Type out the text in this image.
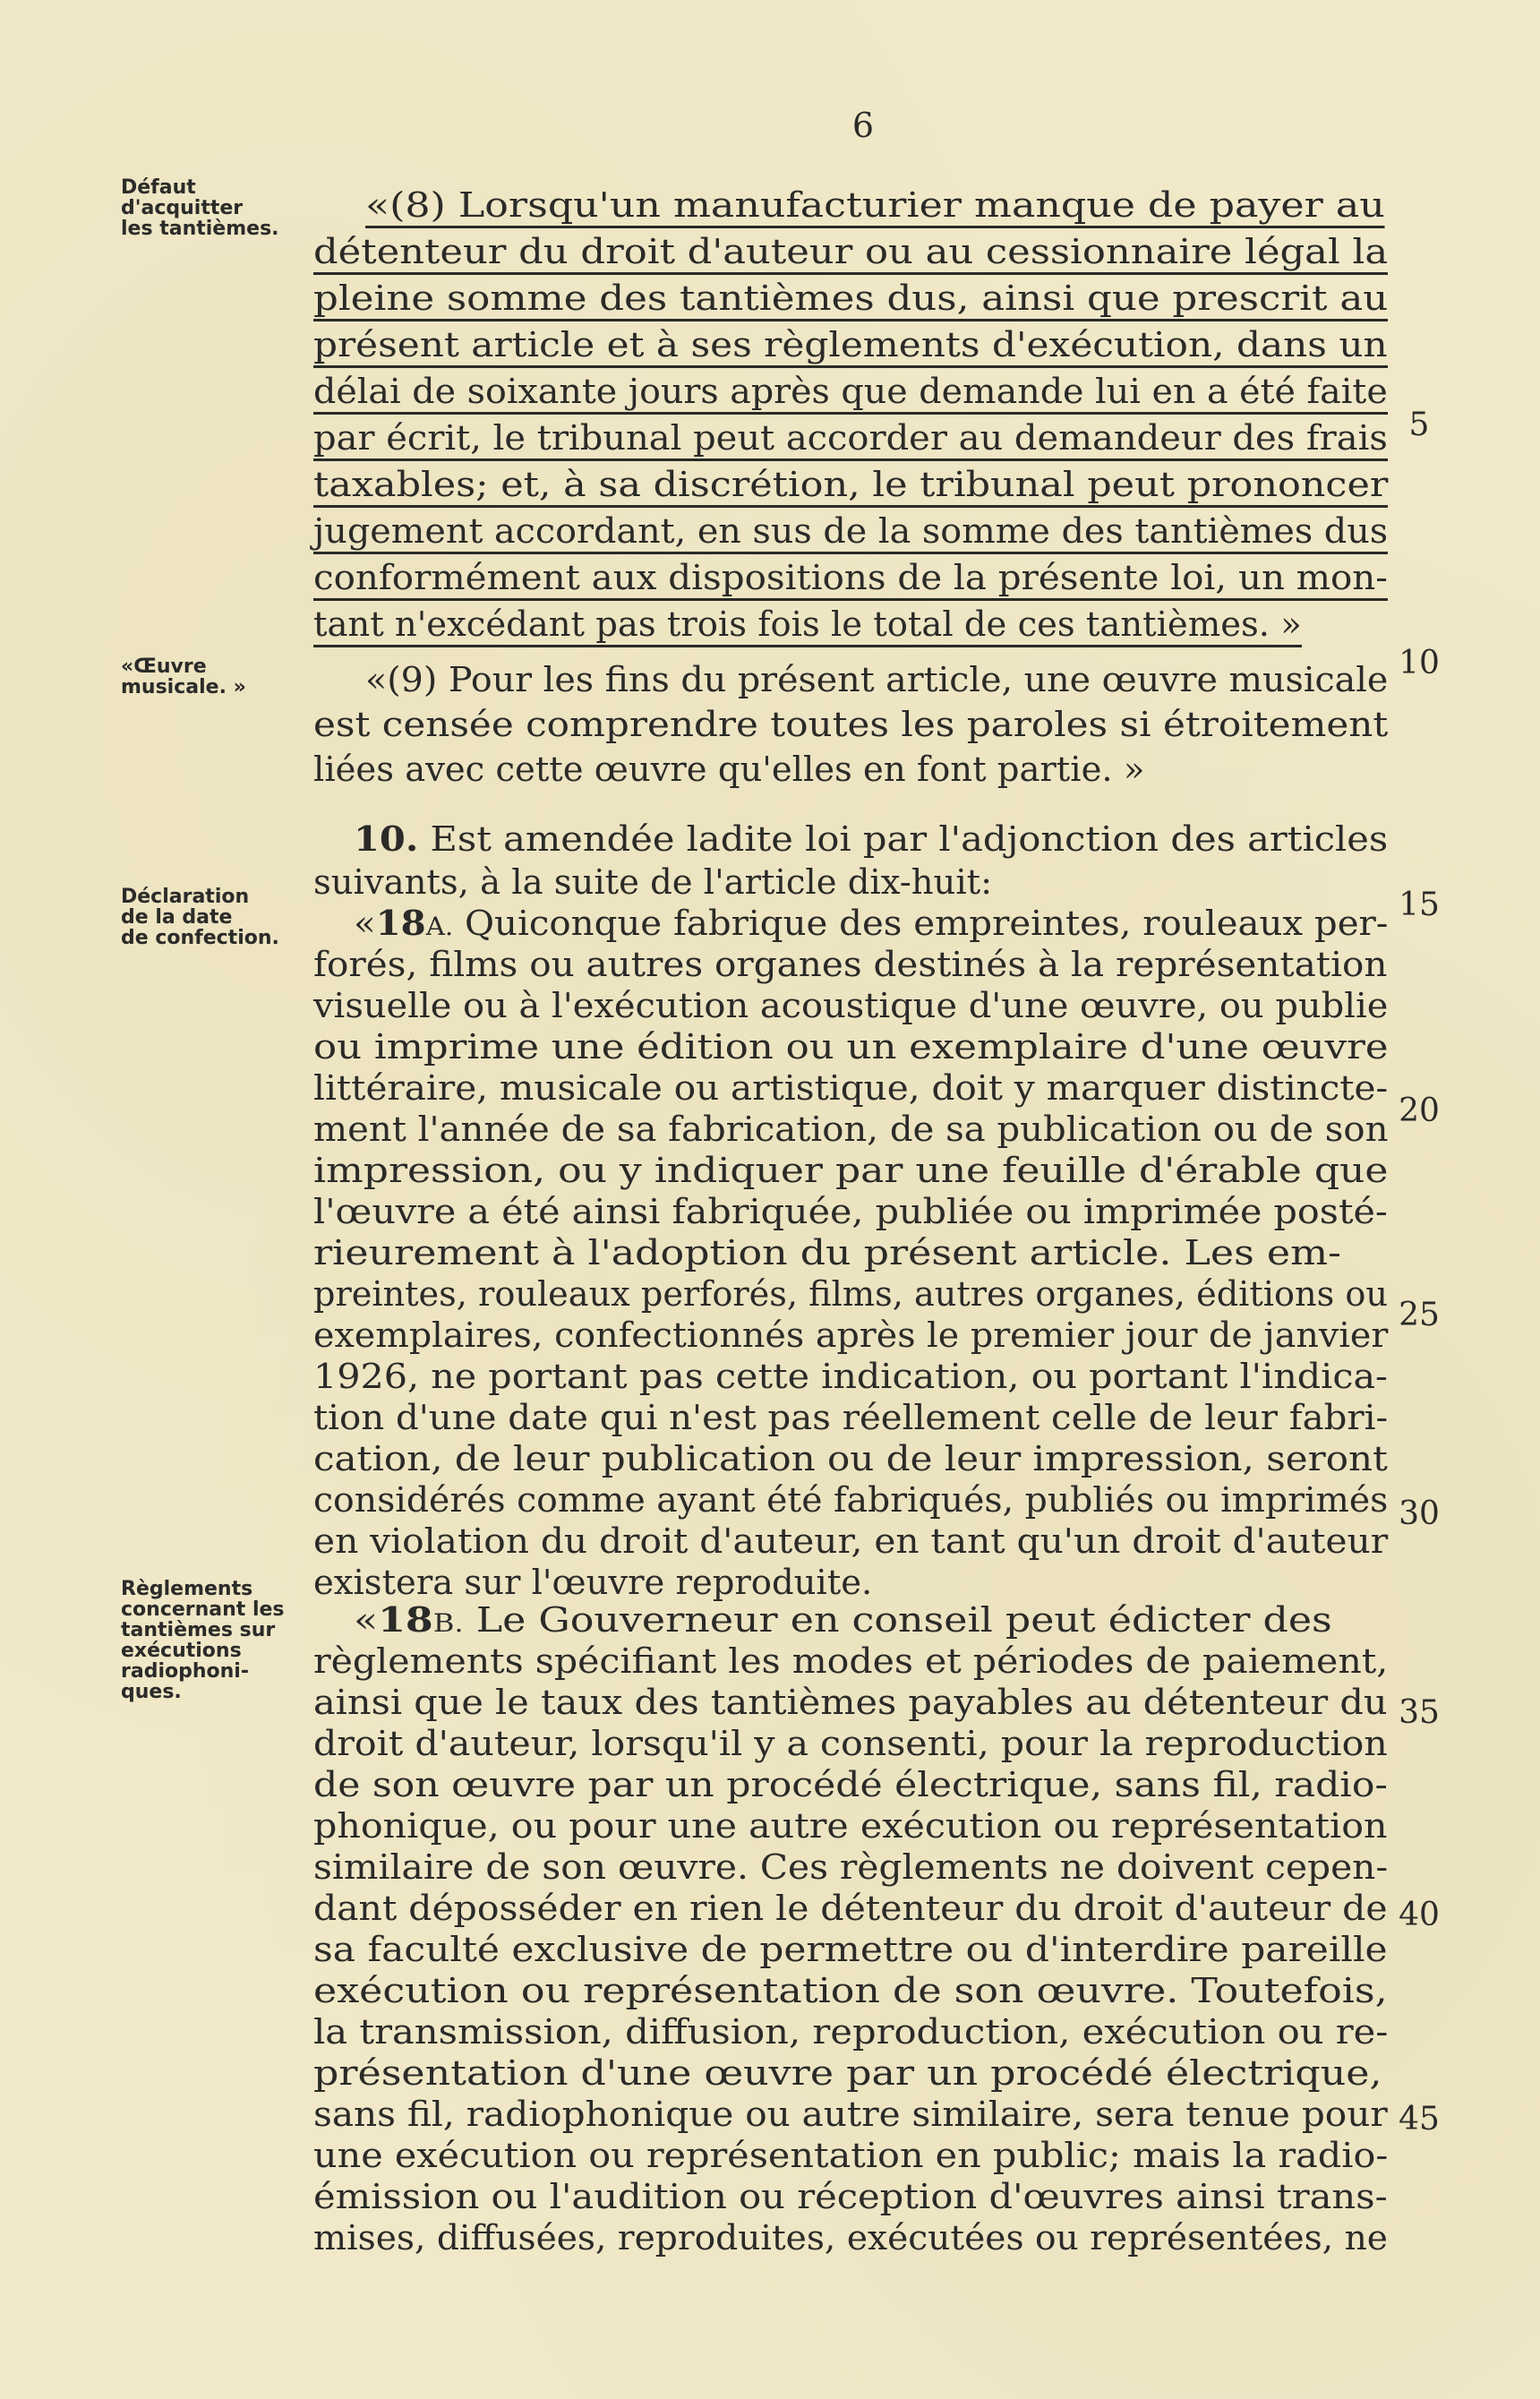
6
Défaut
d'acquitter
les tantièmes.
«Œuvre
musicale. »
Déclaration
de la date
de confection.
Règlements
concernant les
tantièmes sur
exécutions
radiophoni-
ques.
«(8) Lorsqu'un manufacturier manque de payer au
détenteur du droit d'auteur ou au cessionnaire légal la
pleine somme des tantièmes dus, ainsi que prescrit au
présent article et à ses règlements d'exécution, dans un
délai de soixante jours après que demande lui en a été faite
par écrit, le tribunal peut accorder au demandeur des frais
taxables; et, à sa discrétion, le tribunal peut prononcer
jugement accordant, en sus de la somme des tantièmes dus
conformément aux dispositions de la présente loi, un mon-
tant n'excédant pas trois fois le total de ces tantièmes. »
«(9) Pour les fins du présent article, une œuvre musicale
est censée comprendre toutes les paroles si étroitement
liées avec cette œuvre qu'elles en font partie. »
10. Est amendée ladite loi par l'adjonction des articles
suivants, à la suite de l'article dix-huit:
«18A. Quiconque fabrique des empreintes, rouleaux per-
forés, films ou autres organes destinés à la représentation
visuelle ou à l'exécution acoustique d'une œuvre, ou publie
ou imprime une édition ou un exemplaire d'une œuvre
littéraire, musicale ou artistique, doit y marquer distincte-
ment l'année de sa fabrication, de sa publication ou de son
impression, ou y indiquer par une feuille d'érable que
l'œuvre a été ainsi fabriquée, publiée ou imprimée posté-
rieurement à l'adoption du présent article. Les em-
preintes, rouleaux perforés, films, autres organes, éditions ou
exemplaires, confectionnés après le premier jour de janvier
1926, ne portant pas cette indication, ou portant l'indica-
tion d'une date qui n'est pas réellement celle de leur fabri-
cation, de leur publication ou de leur impression, seront
considérés comme ayant été fabriqués, publiés ou imprimés
en violation du droit d'auteur, en tant qu'un droit d'auteur
existera sur l'œuvre reproduite.
«18B. Le Gouverneur en conseil peut édicter des
règlements spécifiant les modes et périodes de paiement,
ainsi que le taux des tantièmes payables au détenteur du
droit d'auteur, lorsqu'il y a consenti, pour la reproduction
de son œuvre par un procédé électrique, sans fil, radio-
phonique, ou pour une autre exécution ou représentation
similaire de son œuvre. Ces règlements ne doivent cepen-
dant déposséder en rien le détenteur du droit d'auteur de
sa faculté exclusive de permettre ou d'interdire pareille
exécution ou représentation de son œuvre. Toutefois,
la transmission, diffusion, reproduction, exécution ou re-
présentation d'une œuvre par un procédé électrique,
sans fil, radiophonique ou autre similaire, sera tenue pour
une exécution ou représentation en public; mais la radio-
émission ou l'audition ou réception d'œuvres ainsi trans-
mises, diffusées, reproduites, exécutées ou représentées, ne
5
10
15
20
25
30
35
40
45
